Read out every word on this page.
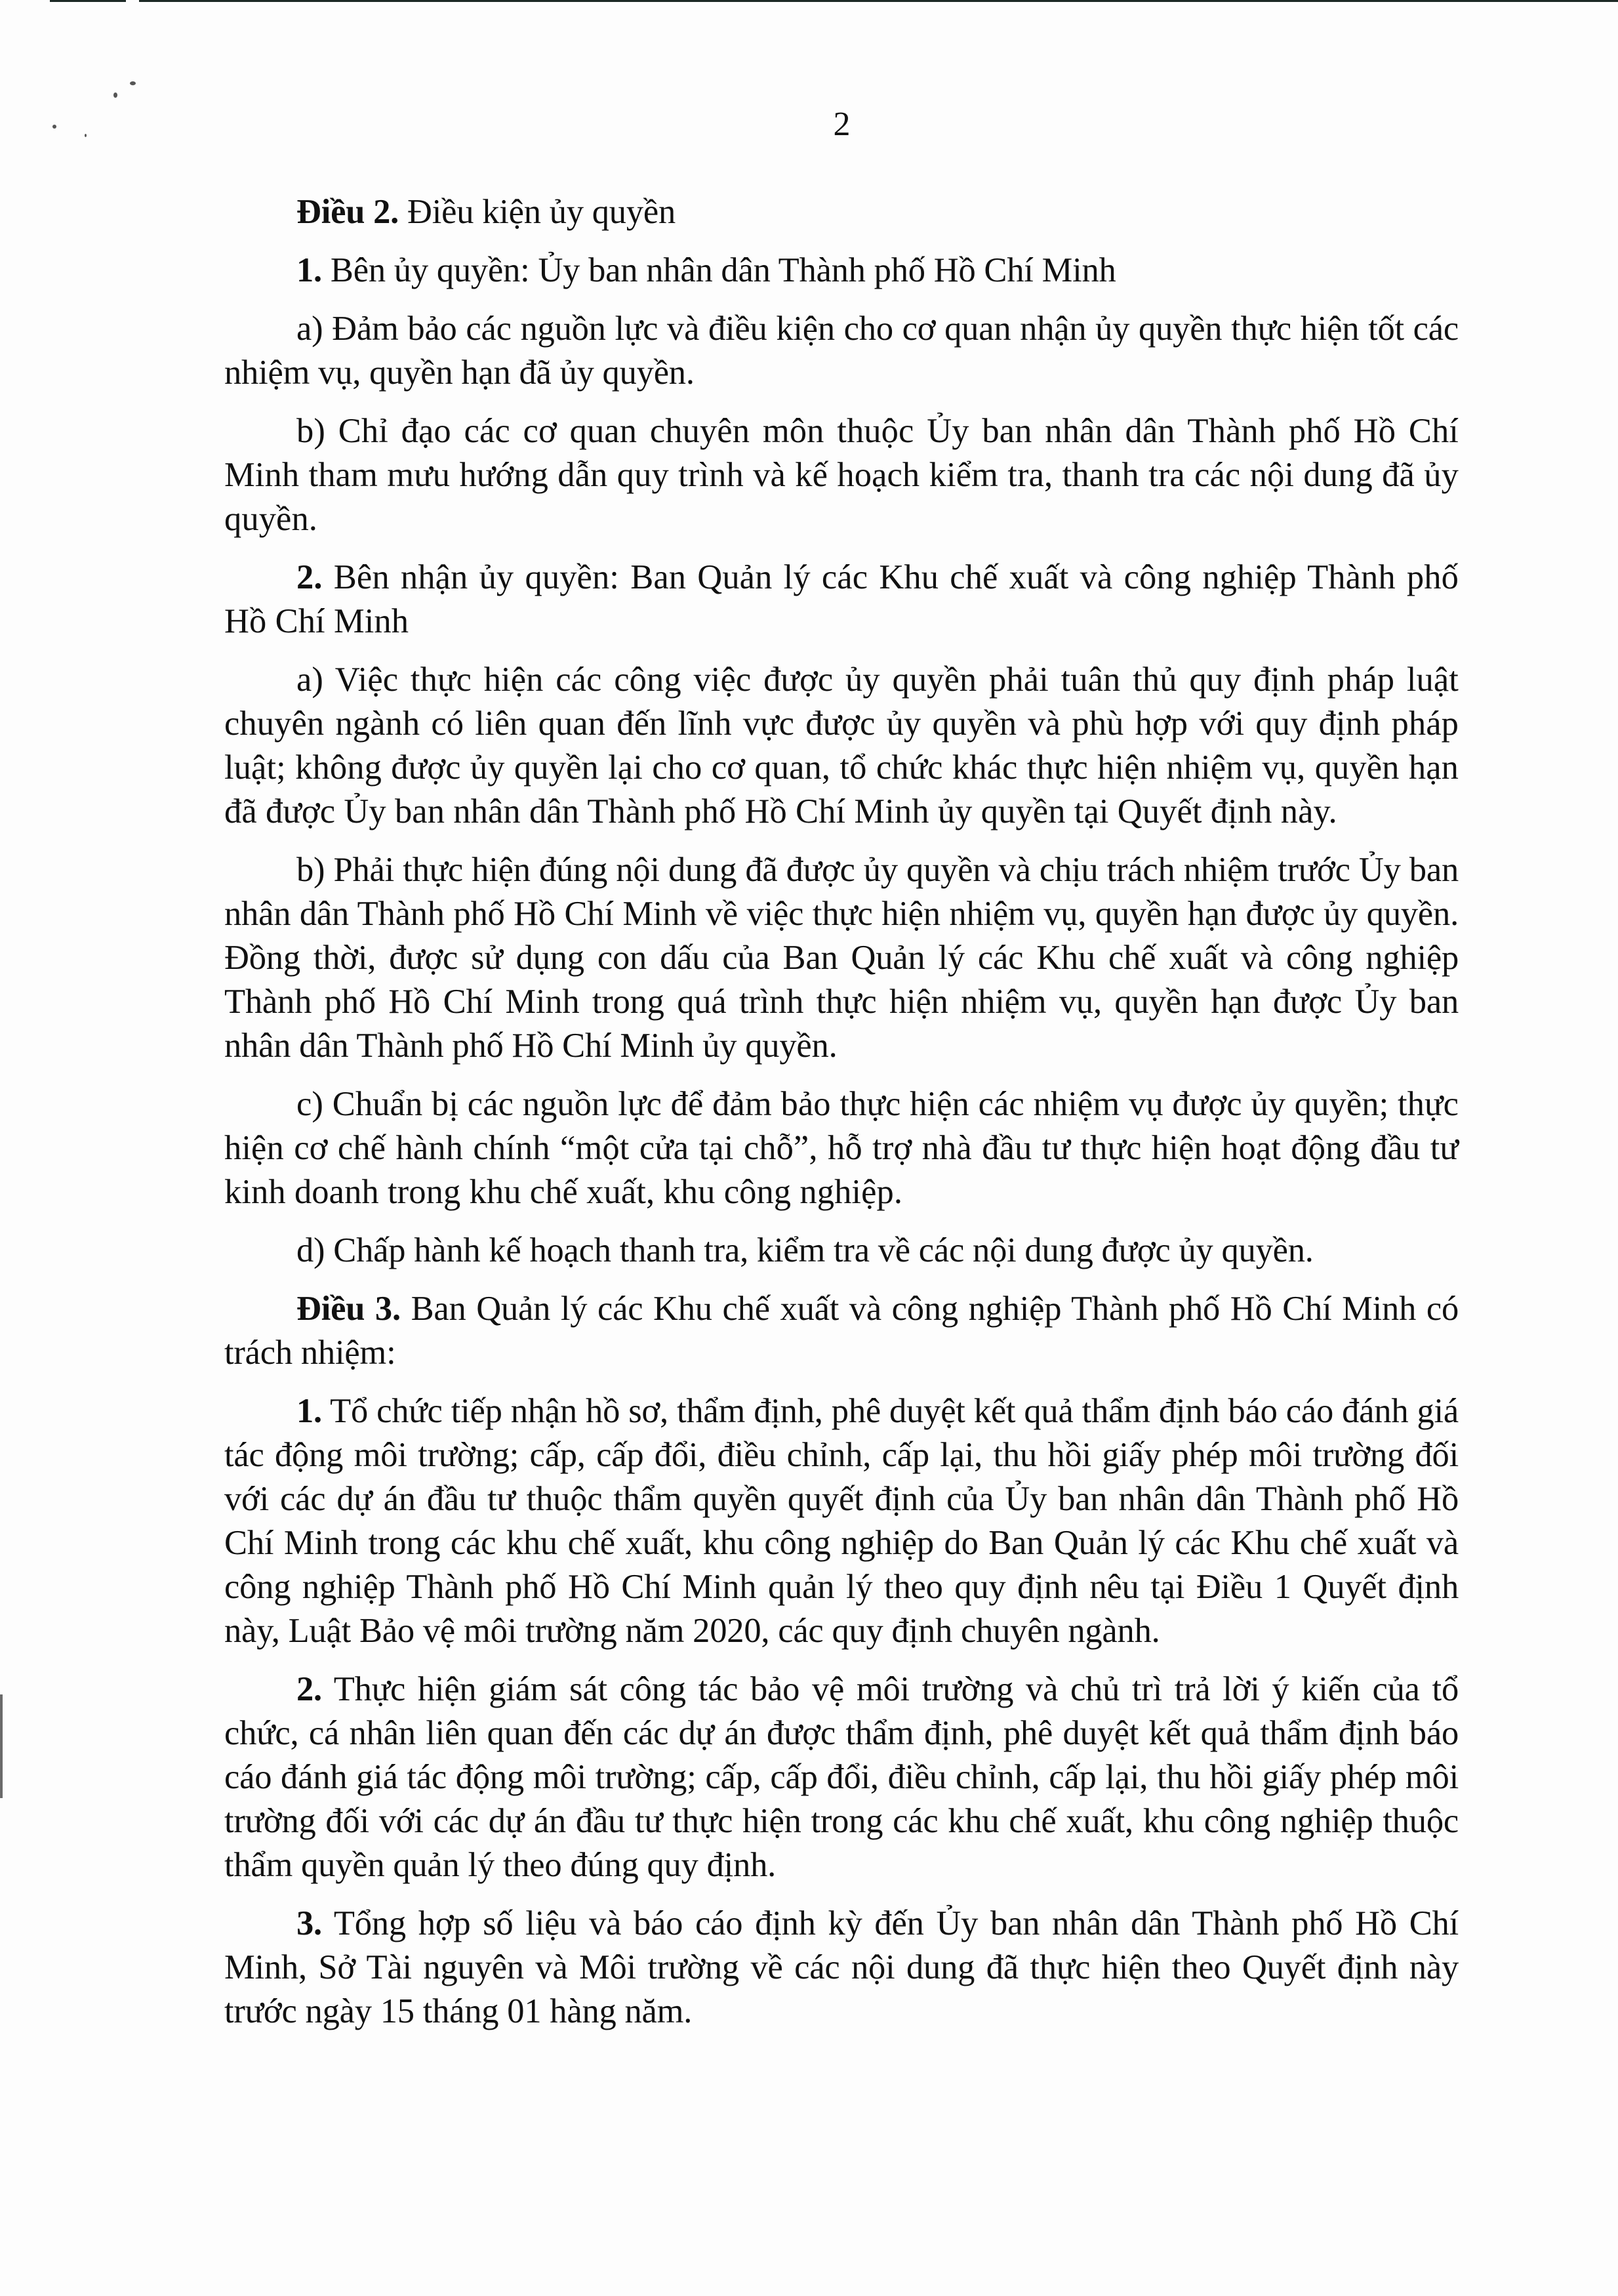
2

Điều 2. Điều kiện ủy quyền

1. Bên ủy quyền: Ủy ban nhân dân Thành phố Hồ Chí Minh

a) Đảm bảo các nguồn lực và điều kiện cho cơ quan nhận ủy quyền thực hiện tốt các nhiệm vụ, quyền hạn đã ủy quyền.

b) Chỉ đạo các cơ quan chuyên môn thuộc Ủy ban nhân dân Thành phố Hồ Chí Minh tham mưu hướng dẫn quy trình và kế hoạch kiểm tra, thanh tra các nội dung đã ủy quyền.

2. Bên nhận ủy quyền: Ban Quản lý các Khu chế xuất và công nghiệp Thành phố Hồ Chí Minh

a) Việc thực hiện các công việc được ủy quyền phải tuân thủ quy định pháp luật chuyên ngành có liên quan đến lĩnh vực được ủy quyền và phù hợp với quy định pháp luật; không được ủy quyền lại cho cơ quan, tổ chức khác thực hiện nhiệm vụ, quyền hạn đã được Ủy ban nhân dân Thành phố Hồ Chí Minh ủy quyền tại Quyết định này.

b) Phải thực hiện đúng nội dung đã được ủy quyền và chịu trách nhiệm trước Ủy ban nhân dân Thành phố Hồ Chí Minh về việc thực hiện nhiệm vụ, quyền hạn được ủy quyền. Đồng thời, được sử dụng con dấu của Ban Quản lý các Khu chế xuất và công nghiệp Thành phố Hồ Chí Minh trong quá trình thực hiện nhiệm vụ, quyền hạn được Ủy ban nhân dân Thành phố Hồ Chí Minh ủy quyền.

c) Chuẩn bị các nguồn lực để đảm bảo thực hiện các nhiệm vụ được ủy quyền; thực hiện cơ chế hành chính “một cửa tại chỗ”, hỗ trợ nhà đầu tư thực hiện hoạt động đầu tư kinh doanh trong khu chế xuất, khu công nghiệp.

d) Chấp hành kế hoạch thanh tra, kiểm tra về các nội dung được ủy quyền.

Điều 3. Ban Quản lý các Khu chế xuất và công nghiệp Thành phố Hồ Chí Minh có trách nhiệm:

1. Tổ chức tiếp nhận hồ sơ, thẩm định, phê duyệt kết quả thẩm định báo cáo đánh giá tác động môi trường; cấp, cấp đổi, điều chỉnh, cấp lại, thu hồi giấy phép môi trường đối với các dự án đầu tư thuộc thẩm quyền quyết định của Ủy ban nhân dân Thành phố Hồ Chí Minh trong các khu chế xuất, khu công nghiệp do Ban Quản lý các Khu chế xuất và công nghiệp Thành phố Hồ Chí Minh quản lý theo quy định nêu tại Điều 1 Quyết định này, Luật Bảo vệ môi trường năm 2020, các quy định chuyên ngành.

2. Thực hiện giám sát công tác bảo vệ môi trường và chủ trì trả lời ý kiến của tổ chức, cá nhân liên quan đến các dự án được thẩm định, phê duyệt kết quả thẩm định báo cáo đánh giá tác động môi trường; cấp, cấp đổi, điều chỉnh, cấp lại, thu hồi giấy phép môi trường đối với các dự án đầu tư thực hiện trong các khu chế xuất, khu công nghiệp thuộc thẩm quyền quản lý theo đúng quy định.

3. Tổng hợp số liệu và báo cáo định kỳ đến Ủy ban nhân dân Thành phố Hồ Chí Minh, Sở Tài nguyên và Môi trường về các nội dung đã thực hiện theo Quyết định này trước ngày 15 tháng 01 hàng năm.
